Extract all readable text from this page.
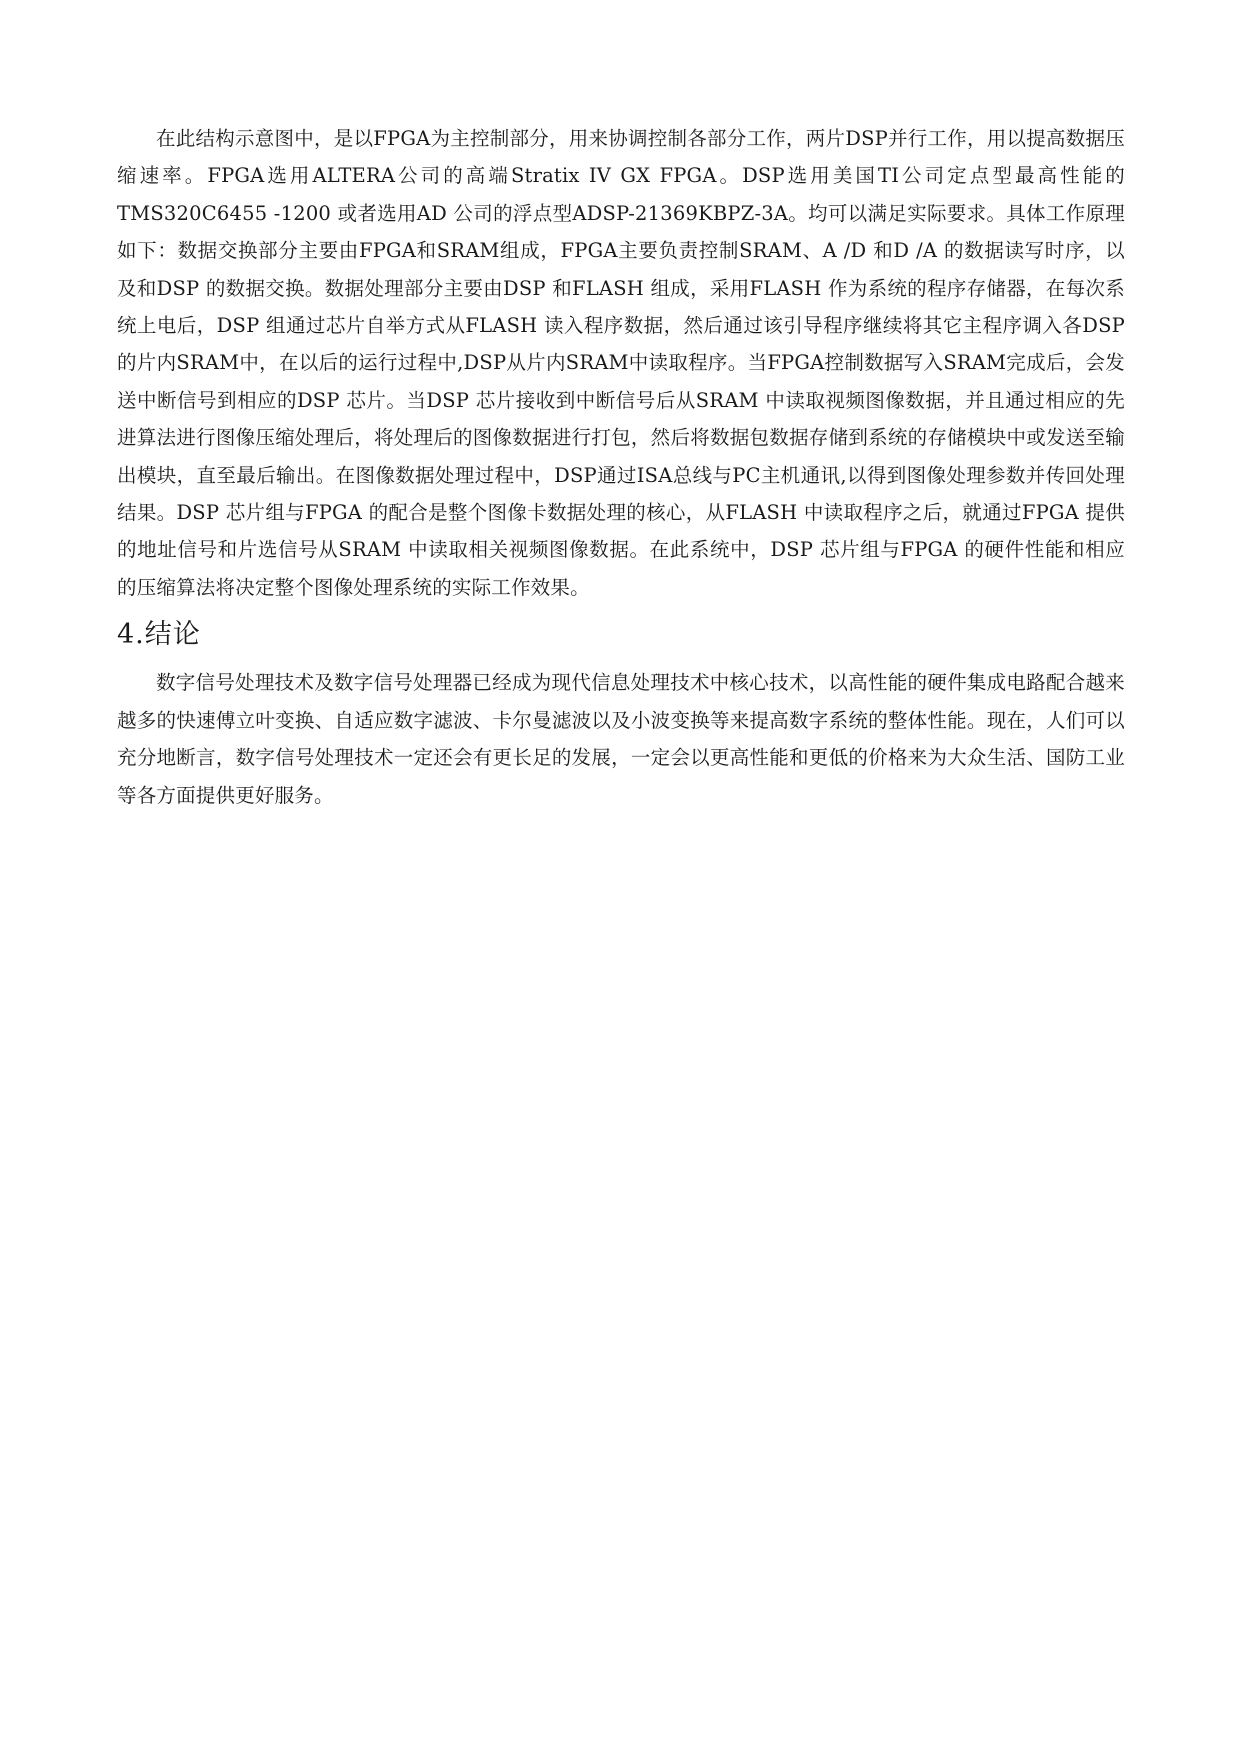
在此结构示意图中，是以FPGA为主控制部分，用来协调控制各部分工作，两片DSP并行工作，用以提高数据压缩速率。FPGA选用ALTERA公司的高端Stratix IV GX FPGA。DSP选用美国TI公司定点型最高性能的TMS320C6455 -1200 或者选用AD 公司的浮点型ADSP-21369KBPZ-3A。均可以满足实际要求。具体工作原理如下：数据交换部分主要由FPGA和SRAM组成，FPGA主要负责控制SRAM、A /D 和D /A 的数据读写时序，以及和DSP 的数据交换。数据处理部分主要由DSP 和FLASH 组成，采用FLASH 作为系统的程序存储器，在每次系统上电后，DSP 组通过芯片自举方式从FLASH 读入程序数据，然后通过该引导程序继续将其它主程序调入各DSP的片内SRAM中，在以后的运行过程中,DSP从片内SRAM中读取程序。当FPGA控制数据写入SRAM完成后，会发送中断信号到相应的DSP 芯片。当DSP 芯片接收到中断信号后从SRAM 中读取视频图像数据，并且通过相应的先进算法进行图像压缩处理后，将处理后的图像数据进行打包，然后将数据包数据存储到系统的存储模块中或发送至输出模块，直至最后输出。在图像数据处理过程中，DSP通过ISA总线与PC主机通讯,以得到图像处理参数并传回处理结果。DSP 芯片组与FPGA 的配合是整个图像卡数据处理的核心，从FLASH 中读取程序之后，就通过FPGA 提供的地址信号和片选信号从SRAM 中读取相关视频图像数据。在此系统中，DSP 芯片组与FPGA 的硬件性能和相应的压缩算法将决定整个图像处理系统的实际工作效果。

4.结论

数字信号处理技术及数字信号处理器已经成为现代信息处理技术中核心技术，以高性能的硬件集成电路配合越来越多的快速傅立叶变换、自适应数字滤波、卡尔曼滤波以及小波变换等来提高数字系统的整体性能。现在，人们可以充分地断言，数字信号处理技术一定还会有更长足的发展，一定会以更高性能和更低的价格来为大众生活、国防工业等各方面提供更好服务。
